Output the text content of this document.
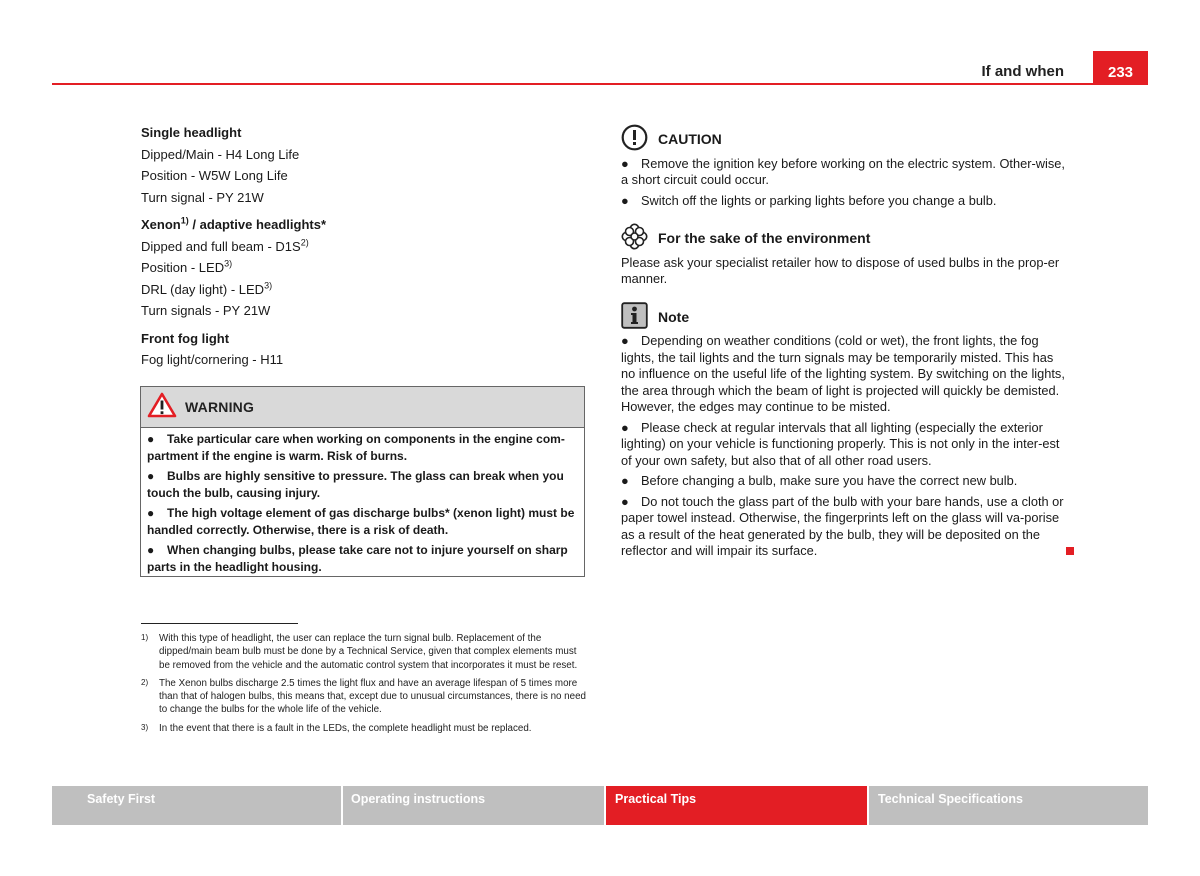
If and when	233
Single headlight
Dipped/Main - H4 Long Life
Position - W5W Long Life
Turn signal - PY 21W
Xenon$^{1)}$ / adaptive headlights*
Dipped and full beam - $D1S^{2)}$
Position - LED$^{3)}$
DRL (day light) - LED$^{3)}$
Turn signals - PY 21W
Front fog light
Fog light/cornering - H11
WARNING
● Take particular care when working on components in the engine com-partment if the engine is warm. Risk of burns.
● Bulbs are highly sensitive to pressure. The glass can break when you touch the bulb, causing injury.
● The high voltage element of gas discharge bulbs* (xenon light) must be handled correctly. Otherwise, there is a risk of death.
● When changing bulbs, please take care not to injure yourself on sharp parts in the headlight housing.
1)	With this type of headlight, the user can replace the turn signal bulb. Replacement of the dipped/main beam bulb must be done by a Technical Service, given that complex elements must be removed from the vehicle and the automatic control system that incorporates it must be reset.
2)	The Xenon bulbs discharge 2.5 times the light flux and have an average lifespan of 5 times more than that of halogen bulbs, this means that, except due to unusual circumstances, there is no need to change the bulbs for the whole life of the vehicle.
3)	In the event that there is a fault in the LEDs, the complete headlight must be replaced.
CAUTION
● Remove the ignition key before working on the electric system. Other-wise, a short circuit could occur.
● Switch off the lights or parking lights before you change a bulb.
For the sake of the environment
Please ask your specialist retailer how to dispose of used bulbs in the prop-er manner.
Note
● Depending on weather conditions (cold or wet), the front lights, the fog lights, the tail lights and the turn signals may be temporarily misted. This has no influence on the useful life of the lighting system. By switching on the lights, the area through which the beam of light is projected will quickly be demisted. However, the edges may continue to be misted.
● Please check at regular intervals that all lighting (especially the exterior lighting) on your vehicle is functioning properly. This is not only in the inter-est of your own safety, but also that of all other road users.
● Before changing a bulb, make sure you have the correct new bulb.
● Do not touch the glass part of the bulb with your bare hands, use a cloth or paper towel instead. Otherwise, the fingerprints left on the glass will va-porise as a result of the heat generated by the bulb, they will be deposited on the reflector and will impair its surface.
Safety First	Operating instructions	Practical Tips	Technical Specifications
